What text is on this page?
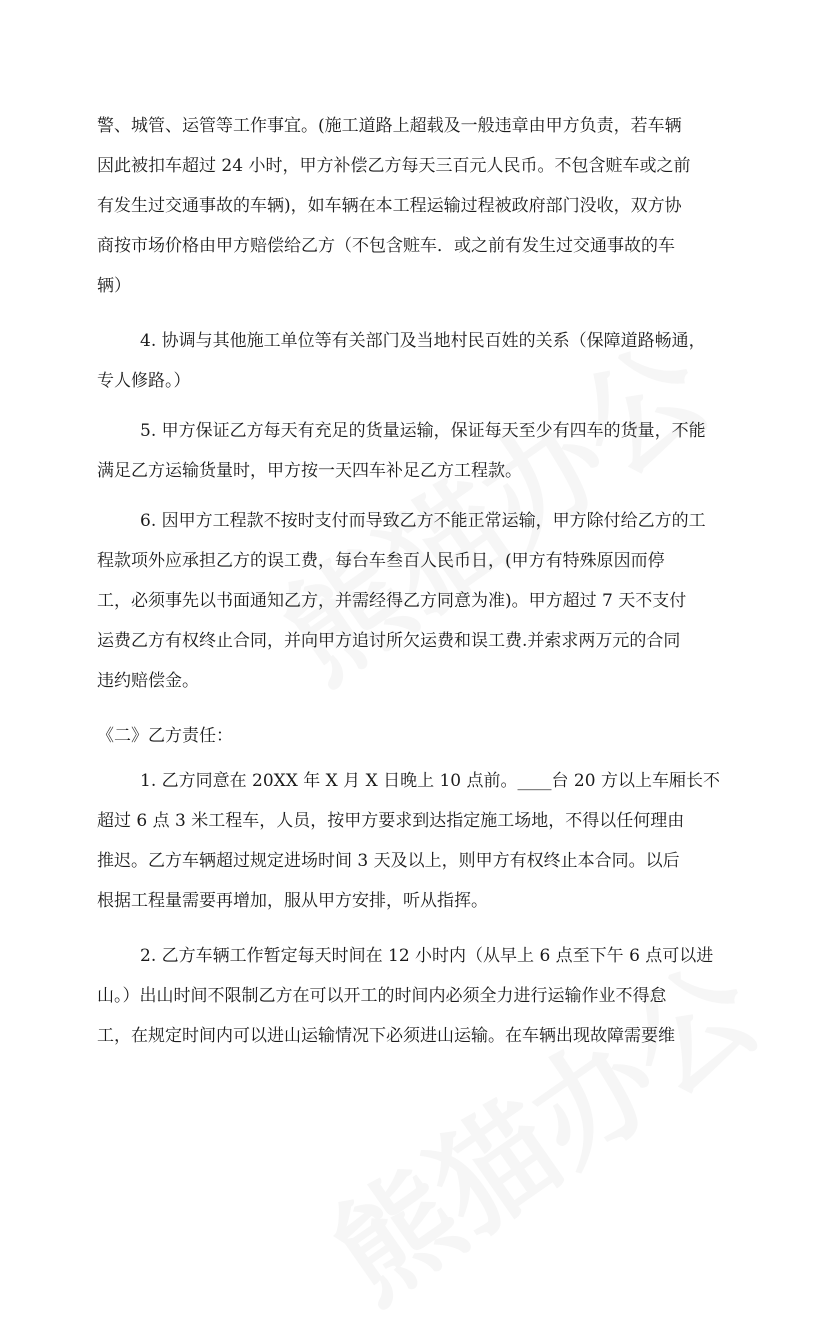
警、城管、运管等工作事宜。(施工道路上超载及一般违章由甲方负责，若车辆
因此被扣车超过 24 小时，甲方补偿乙方每天三百元人民币。不包含赃车或之前
有发生过交通事故的车辆)，如车辆在本工程运输过程被政府部门没收，双方协
商按市场价格由甲方赔偿给乙方（不包含赃车．或之前有发生过交通事故的车
辆）
4. 协调与其他施工单位等有关部门及当地村民百姓的关系（保障道路畅通，
专人修路。）
5. 甲方保证乙方每天有充足的货量运输，保证每天至少有四车的货量，不能
满足乙方运输货量时，甲方按一天四车补足乙方工程款。
6. 因甲方工程款不按时支付而导致乙方不能正常运输，甲方除付给乙方的工
程款项外应承担乙方的误工费，每台车叁百人民币日，(甲方有特殊原因而停
工，必须事先以书面通知乙方，并需经得乙方同意为准)。甲方超过 7 天不支付
运费乙方有权终止合同，并向甲方追讨所欠运费和误工费.并索求两万元的合同
违约赔偿金。
《二》乙方责任：
1. 乙方同意在 20XX 年 X 月 X 日晚上 10 点前。____台 20 方以上车厢长不
超过 6 点 3 米工程车，人员，按甲方要求到达指定施工场地，不得以任何理由
推迟。乙方车辆超过规定进场时间 3 天及以上，则甲方有权终止本合同。以后
根据工程量需要再增加，服从甲方安排，听从指挥。
2. 乙方车辆工作暂定每天时间在 12 小时内（从早上 6 点至下午 6 点可以进
山。）出山时间不限制乙方在可以开工的时间内必须全力进行运输作业不得怠
工，在规定时间内可以进山运输情况下必须进山运输。在车辆出现故障需要维
